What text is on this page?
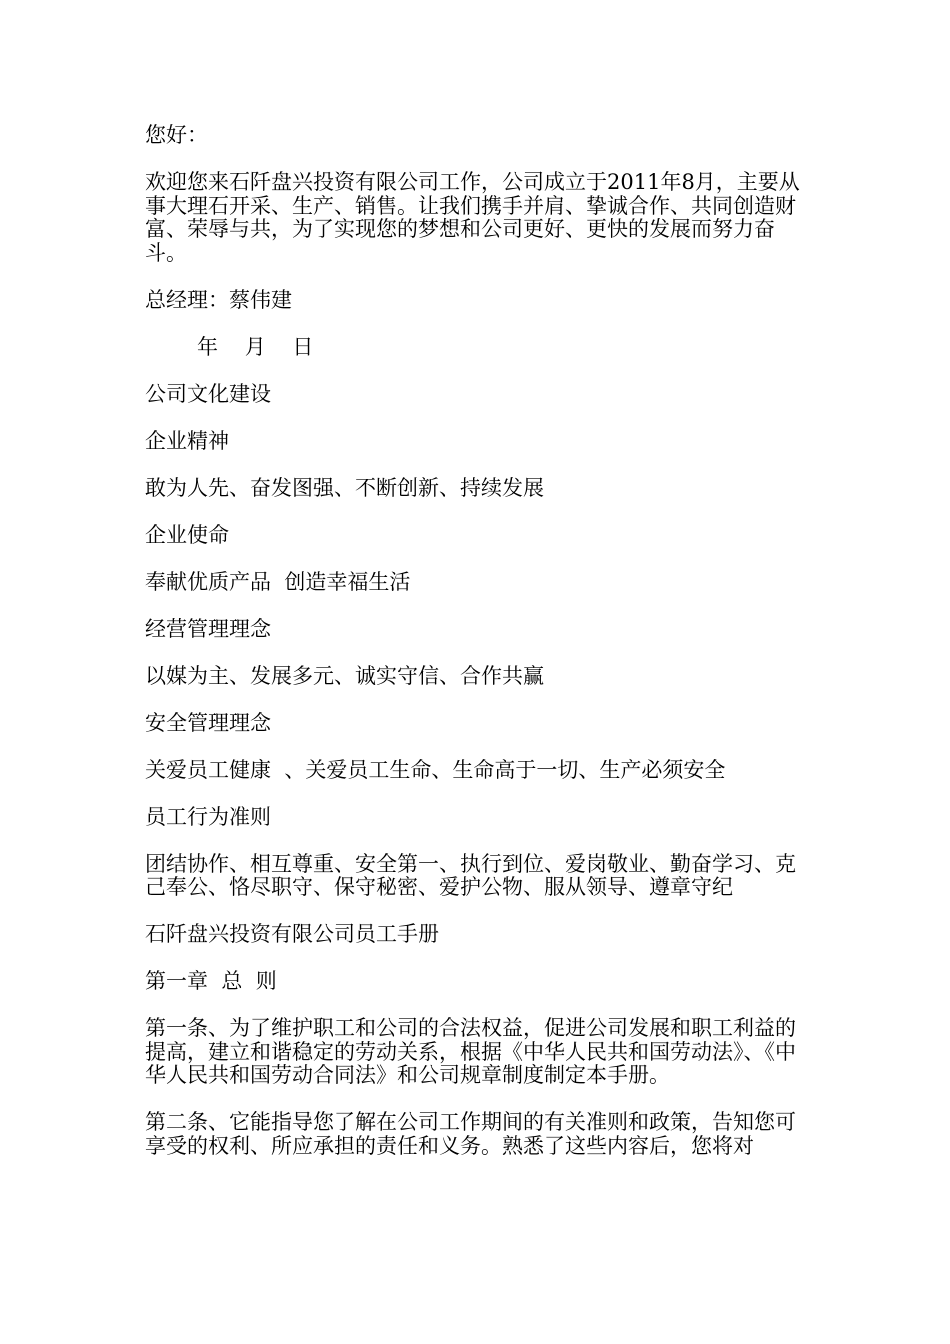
您好：

欢迎您来石阡盘兴投资有限公司工作，公司成立于2011年8月，主要从事大理石开采、生产、销售。让我们携手并肩、挚诚合作、共同创造财富、荣辱与共，为了实现您的梦想和公司更好、更快的发展而努力奋斗。

总经理：蔡伟建

年    月    日

公司文化建设

企业精神

敢为人先、奋发图强、不断创新、持续发展

企业使命

奉献优质产品  创造幸福生活

经营管理理念

以媒为主、发展多元、诚实守信、合作共赢

安全管理理念

关爱员工健康  、关爱员工生命、生命高于一切、生产必须安全

员工行为准则

团结协作、相互尊重、安全第一、执行到位、爱岗敬业、勤奋学习、克己奉公、恪尽职守、保守秘密、爱护公物、服从领导、遵章守纪

石阡盘兴投资有限公司员工手册

第一章  总  则

第一条、为了维护职工和公司的合法权益，促进公司发展和职工利益的提高，建立和谐稳定的劳动关系，根据《中华人民共和国劳动法》、《中华人民共和国劳动合同法》和公司规章制度制定本手册。

第二条、它能指导您了解在公司工作期间的有关准则和政策，告知您可享受的权利、所应承担的责任和义务。熟悉了这些内容后，您将对
